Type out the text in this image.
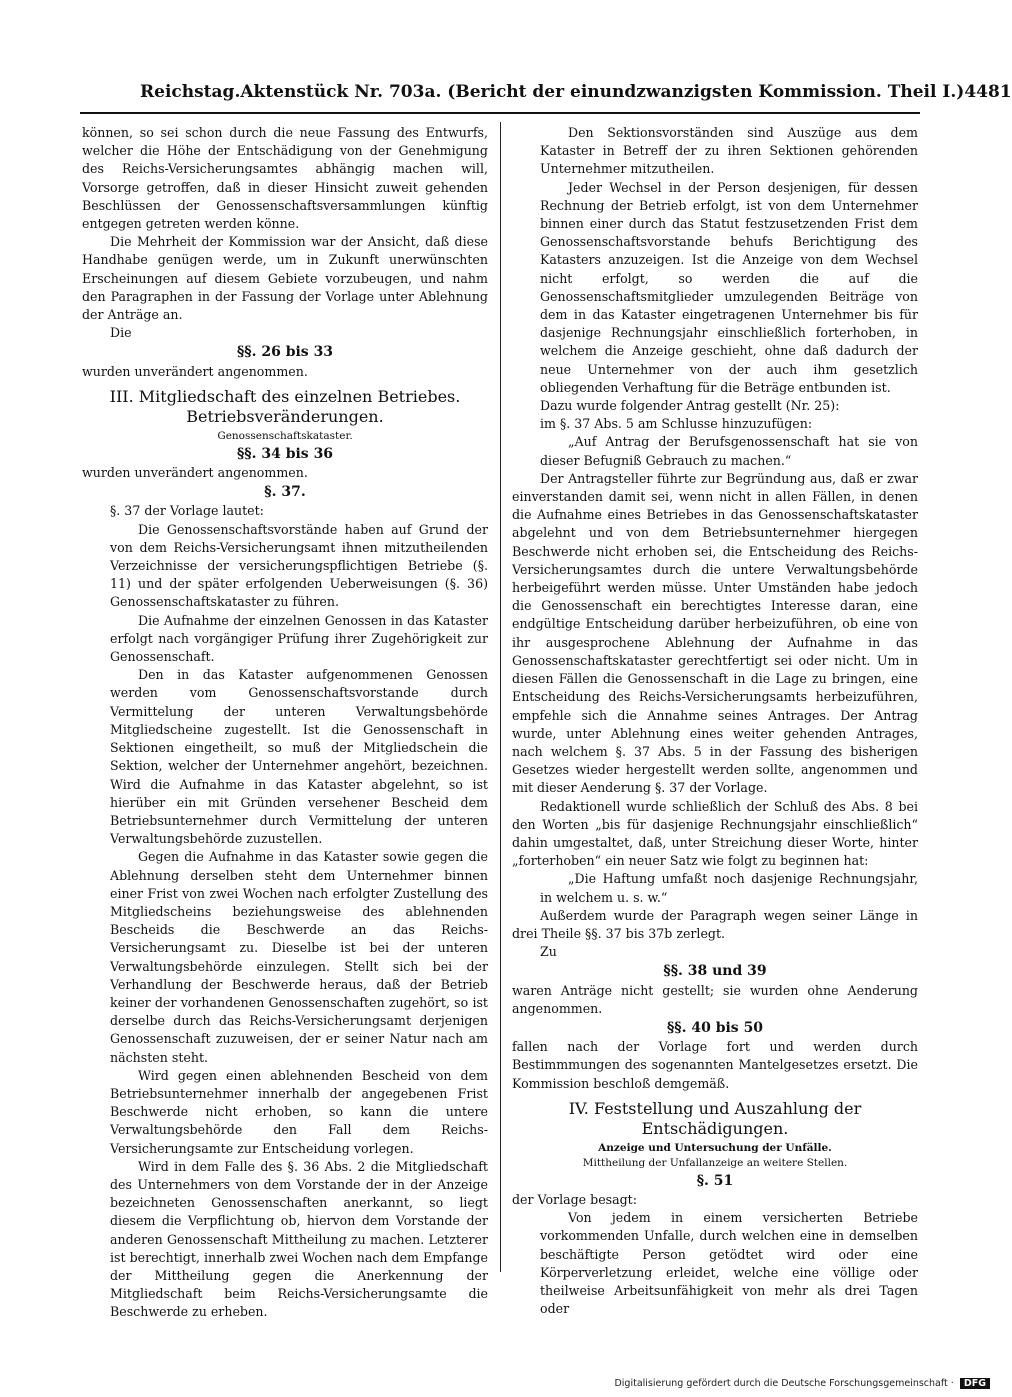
Reichstag. Aktenstück Nr. 703a. (Bericht der einundzwanzigsten Kommission. Theil I.) 4481

können, so sei schon durch die neue Fassung des Entwurfs, welcher die Höhe der Entschädigung von der Genehmigung des Reichs-Versicherungsamtes abhängig machen will, Vorsorge getroffen, daß in dieser Hinsicht zuweit gehenden Beschlüssen der Genossenschaftsversammlungen künftig entgegen getreten werden könne.

Die Mehrheit der Kommission war der Ansicht, daß diese Handhabe genügen werde, um in Zukunft unerwünschten Erscheinungen auf diesem Gebiete vorzubeugen, und nahm den Paragraphen in der Fassung der Vorlage unter Ablehnung der Anträge an.

Die

§§. 26 bis 33

wurden unverändert angenommen.

III. Mitgliedschaft des einzelnen Betriebes. Betriebsveränderungen.

Genossenschaftskataster.

§§. 34 bis 36

wurden unverändert angenommen.

§. 37.

§. 37 der Vorlage lautet:

Die Genossenschaftsvorstände haben auf Grund der von dem Reichs-Versicherungsamt ihnen mitzutheilenden Verzeichnisse der versicherungspflichtigen Betriebe (§. 11) und der später erfolgenden Ueberweisungen (§. 36) Genossenschaftskataster zu führen.

Die Aufnahme der einzelnen Genossen in das Kataster erfolgt nach vorgängiger Prüfung ihrer Zugehörigkeit zur Genossenschaft.

Den in das Kataster aufgenommenen Genossen werden vom Genossenschaftsvorstande durch Vermittelung der unteren Verwaltungsbehörde Mitgliedscheine zugestellt. Ist die Genossenschaft in Sektionen eingetheilt, so muß der Mitgliedschein die Sektion, welcher der Unternehmer angehört, bezeichnen. Wird die Aufnahme in das Kataster abgelehnt, so ist hierüber ein mit Gründen versehener Bescheid dem Betriebsunternehmer durch Vermittelung der unteren Verwaltungsbehörde zuzustellen.

Gegen die Aufnahme in das Kataster sowie gegen die Ablehnung derselben steht dem Unternehmer binnen einer Frist von zwei Wochen nach erfolgter Zustellung des Mitgliedscheins beziehungsweise des ablehnenden Bescheids die Beschwerde an das Reichs-Versicherungsamt zu. Dieselbe ist bei der unteren Verwaltungsbehörde einzulegen. Stellt sich bei der Verhandlung der Beschwerde heraus, daß der Betrieb keiner der vorhandenen Genossenschaften zugehört, so ist derselbe durch das Reichs-Versicherungsamt derjenigen Genossenschaft zuzuweisen, der er seiner Natur nach am nächsten steht.

Wird gegen einen ablehnenden Bescheid von dem Betriebsunternehmer innerhalb der angegebenen Frist Beschwerde nicht erhoben, so kann die untere Verwaltungsbehörde den Fall dem Reichs-Versicherungsamte zur Entscheidung vorlegen.

Wird in dem Falle des §. 36 Abs. 2 die Mitgliedschaft des Unternehmers von dem Vorstande der in der Anzeige bezeichneten Genossenschaften anerkannt, so liegt diesem die Verpflichtung ob, hiervon dem Vorstande der anderen Genossenschaft Mittheilung zu machen. Letzterer ist berechtigt, innerhalb zwei Wochen nach dem Empfange der Mittheilung gegen die Anerkennung der Mitgliedschaft beim Reichs-Versicherungsamte die Beschwerde zu erheben.

Den Sektionsvorständen sind Auszüge aus dem Kataster in Betreff der zu ihren Sektionen gehörenden Unternehmer mitzutheilen.

Jeder Wechsel in der Person desjenigen, für dessen Rechnung der Betrieb erfolgt, ist von dem Unternehmer binnen einer durch das Statut festzusetzenden Frist dem Genossenschaftsvorstande behufs Berichtigung des Katasters anzuzeigen. Ist die Anzeige von dem Wechsel nicht erfolgt, so werden die auf die Genossenschaftsmitglieder umzulegenden Beiträge von dem in das Kataster eingetragenen Unternehmer bis für dasjenige Rechnungsjahr einschließlich forterhoben, in welchem die Anzeige geschieht, ohne daß dadurch der neue Unternehmer von der auch ihm gesetzlich obliegenden Verhaftung für die Beträge entbunden ist.

Dazu wurde folgender Antrag gestellt (Nr. 25):

im §. 37 Abs. 5 am Schlusse hinzuzufügen:

„Auf Antrag der Berufsgenossenschaft hat sie von dieser Befugniß Gebrauch zu machen.“

Der Antragsteller führte zur Begründung aus, daß er zwar einverstanden damit sei, wenn nicht in allen Fällen, in denen die Aufnahme eines Betriebes in das Genossenschaftskataster abgelehnt und von dem Betriebsunternehmer hiergegen Beschwerde nicht erhoben sei, die Entscheidung des Reichs-Versicherungsamtes durch die untere Verwaltungsbehörde herbeigeführt werden müsse. Unter Umständen habe jedoch die Genossenschaft ein berechtigtes Interesse daran, eine endgültige Entscheidung darüber herbeizuführen, ob eine von ihr ausgesprochene Ablehnung der Aufnahme in das Genossenschaftskataster gerechtfertigt sei oder nicht. Um in diesen Fällen die Genossenschaft in die Lage zu bringen, eine Entscheidung des Reichs-Versicherungsamts herbeizuführen, empfehle sich die Annahme seines Antrages. Der Antrag wurde, unter Ablehnung eines weiter gehenden Antrages, nach welchem §. 37 Abs. 5 in der Fassung des bisherigen Gesetzes wieder hergestellt werden sollte, angenommen und mit dieser Aenderung §. 37 der Vorlage.

Redaktionell wurde schließlich der Schluß des Abs. 8 bei den Worten „bis für dasjenige Rechnungsjahr einschließlich“ dahin umgestaltet, daß, unter Streichung dieser Worte, hinter „forterhoben“ ein neuer Satz wie folgt zu beginnen hat:

„Die Haftung umfaßt noch dasjenige Rechnungsjahr, in welchem u. s. w.“

Außerdem wurde der Paragraph wegen seiner Länge in drei Theile §§. 37 bis 37b zerlegt.

Zu

§§. 38 und 39

waren Anträge nicht gestellt; sie wurden ohne Aenderung angenommen.

§§. 40 bis 50

fallen nach der Vorlage fort und werden durch Bestimmmungen des sogenannten Mantelgesetzes ersetzt. Die Kommission beschloß demgemäß.

IV. Feststellung und Auszahlung der Entschädigungen.

Anzeige und Untersuchung der Unfälle.

Mittheilung der Unfallanzeige an weitere Stellen.

§. 51

der Vorlage besagt:

Von jedem in einem versicherten Betriebe vorkommenden Unfalle, durch welchen eine in demselben beschäftigte Person getödtet wird oder eine Körperverletzung erleidet, welche eine völlige oder theilweise Arbeitsunfähigkeit von mehr als drei Tagen oder

Digitalisierung gefördert durch die Deutsche Forschungsgemeinschaft · DFG
